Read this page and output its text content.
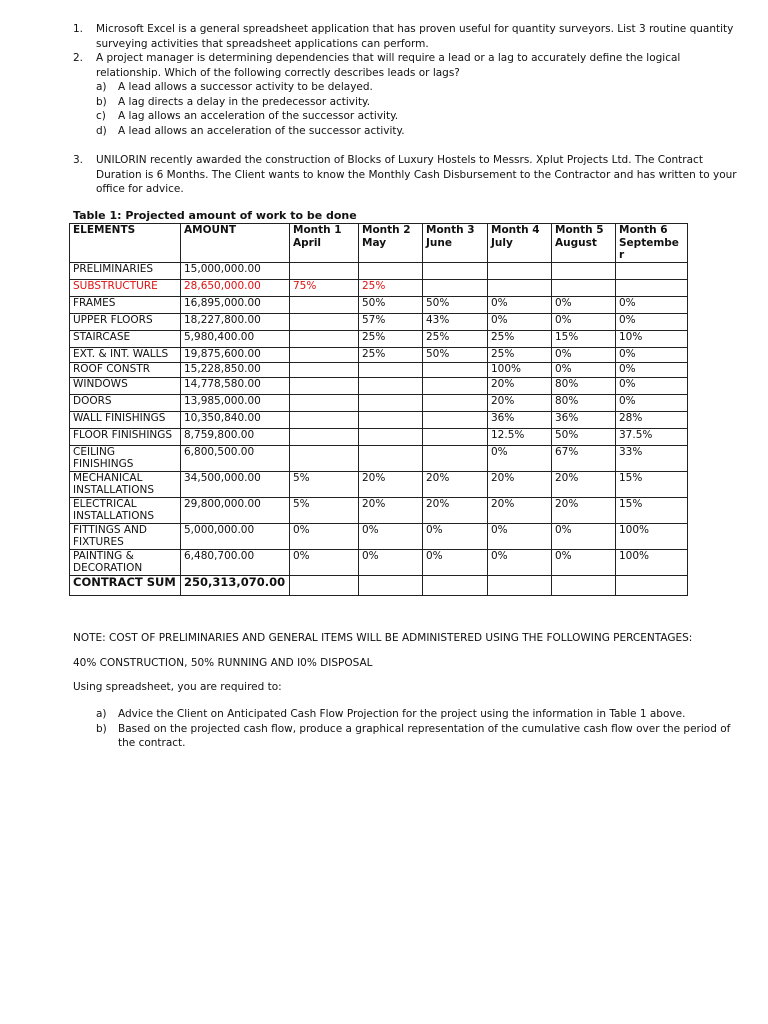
1. Microsoft Excel is a general spreadsheet application that has proven useful for quantity surveyors. List 3 routine quantity surveying activities that spreadsheet applications can perform.
2. A project manager is determining dependencies that will require a lead or a lag to accurately define the logical relationship. Which of the following correctly describes leads or lags?
a) A lead allows a successor activity to be delayed.
b) A lag directs a delay in the predecessor activity.
c) A lag allows an acceleration of the successor activity.
d) A lead allows an acceleration of the successor activity.
3. UNILORIN recently awarded the construction of Blocks of Luxury Hostels to Messrs. Xplut Projects Ltd. The Contract Duration is 6 Months. The Client wants to know the Monthly Cash Disbursement to the Contractor and has written to your office for advice.
Table 1: Projected amount of work to be done
ELEMENTS	AMOUNT	Month 1 April	Month 2 May	Month 3 June	Month 4 July	Month 5 August	Month 6 Septembe r
PRELIMINARIES	15,000,000.00						
SUBSTRUCTURE	28,650,000.00	75%	25%				
FRAMES	16,895,000.00		50%	50%	0%	0%	0%
UPPER FLOORS	18,227,800.00		57%	43%	0%	0%	0%
STAIRCASE	5,980,400.00		25%	25%	25%	15%	10%
EXT. & INT. WALLS	19,875,600.00		25%	50%	25%	0%	0%
ROOF CONSTR	15,228,850.00				100%	0%	0%
WINDOWS	14,778,580.00				20%	80%	0%
DOORS	13,985,000.00				20%	80%	0%
WALL FINISHINGS	10,350,840.00				36%	36%	28%
FLOOR FINISHINGS	8,759,800.00				12.5%	50%	37.5%
CEILING FINISHINGS	6,800,500.00				0%	67%	33%
MECHANICAL INSTALLATIONS	34,500,000.00	5%	20%	20%	20%	20%	15%
ELECTRICAL INSTALLATIONS	29,800,000.00	5%	20%	20%	20%	20%	15%
FITTINGS AND FIXTURES	5,000,000.00	0%	0%	0%	0%	0%	100%
PAINTING & DECORATION	6,480,700.00	0%	0%	0%	0%	0%	100%
CONTRACT SUM	250,313,070.00						
NOTE: COST OF PRELIMINARIES AND GENERAL ITEMS WILL BE ADMINISTERED USING THE FOLLOWING PERCENTAGES:
40% CONSTRUCTION, 50% RUNNING AND I0% DISPOSAL
Using spreadsheet, you are required to:
a) Advice the Client on Anticipated Cash Flow Projection for the project using the information in Table 1 above.
b) Based on the projected cash flow, produce a graphical representation of the cumulative cash flow over the period of the contract.
